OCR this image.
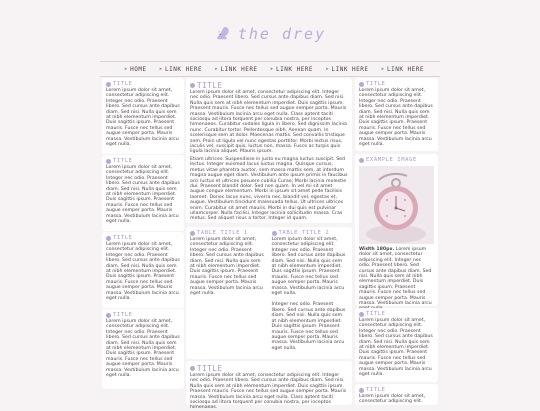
the drey
➤ HOME ➤ LINK HERE ➤ LINK HERE ➤ LINK HERE ➤ LINK HERE ➤ LINK HERE
TITLE
Lorem ipsum dolor sit amet, consectetur adipiscing elit. Integer nec odio. Praesent libero. Sed cursus ante dapibus diam. Sed nisi. Nulla quis sem at nibh elementum imperdiet. Duis sagittis ipsum. Praesent mauris. Fusce nec tellus sed augue semper porta. Mauris massa. Vestibulum lacinia arcu eget nulla.
TITLE
Lorem ipsum dolor sit amet, consectetur adipiscing elit. Integer nec odio. Praesent libero. Sed cursus ante dapibus diam. Sed nisi. Nulla quis sem at nibh elementum imperdiet. Duis sagittis ipsum. Praesent mauris. Fusce nec tellus sed augue semper porta. Mauris massa. Vestibulum lacinia arcu eget nulla.
TITLE
Lorem ipsum dolor sit amet, consectetur adipiscing elit. Integer nec odio. Praesent libero. Sed cursus ante dapibus diam. Sed nisi. Nulla quis sem at nibh elementum imperdiet. Duis sagittis ipsum. Praesent mauris. Fusce nec tellus sed augue semper porta. Mauris massa. Vestibulum lacinia arcu eget nulla.
TITLE
Lorem ipsum dolor sit amet, consectetur adipiscing elit. Integer nec odio. Praesent libero. Sed cursus ante dapibus diam. Sed nisi. Nulla quis sem at nibh elementum imperdiet. Duis sagittis ipsum. Praesent mauris. Fusce nec tellus sed augue semper porta. Mauris massa. Vestibulum lacinia arcu eget nulla.
TITLE
Lorem ipsum dolor sit amet, consectetur adipiscing elit. Integer nec odio. Praesent libero. Sed cursus ante dapibus diam. Sed nisi. Nulla quis sem at nibh elementum imperdiet. Duis sagittis ipsum. Praesent mauris. Fusce nec tellus sed augue semper porta. Mauris massa. Vestibulum lacinia arcu eget nulla. Class aptent taciti sociosqu ad litora torquent per conubia nostra, per inceptos himenaeos. Curabitur sodales ligula in libero. Sed dignissim lacinia nunc. Curabitur tortor. Pellentesque nibh. Aenean quam. In scelerisque sem at dolor. Maecenas mattis. Sed convallis tristique sem. Proin ut ligula vel nunc egestas porttitor. Morbi lectus risus, iaculis vel, suscipit quis, luctus non, massa. Fusce ac turpis quis ligula lacinia aliquet. Mauris ipsum.
Etiam ultrices. Suspendisse in justo eu magna luctus suscipit. Sed lectus. Integer euismod lacus luctus magna. Quisque cursus, metus vitae pharetra auctor, sem massa mattis sem, at interdum magna augue eget diam. Vestibulum ante ipsum primis in faucibus orci luctus et ultrices posuere cubilia Curae; Morbi lacinia molestie dui. Praesent blandit dolor. Sed non quam. In vel mi sit amet augue congue elementum. Morbi in ipsum sit amet pede facilisis laoreet. Donec lacus nunc, viverra nec, blandit vel, egestas et, augue. Vestibulum tincidunt malesuada tellus. Ut ultrices ultrices enim. Curabitur sit amet mauris. Morbi in dui quis est pulvinar ullamcorper. Nulla facilisi. Integer lacinia sollicitudin massa. Cras metus. Sed aliquet risus a tortor. Integer id quam.
TABLE TITLE 1
Lorem ipsum dolor sit amet, consectetur adipiscing elit. Integer nec odio. Praesent libero. Sed cursus ante dapibus diam. Sed nisi. Nulla quis sem at nibh elementum imperdiet. Duis sagittis ipsum. Praesent mauris. Fusce nec tellus sed augue semper porta. Mauris massa. Vestibulum lacinia arcu eget nulla.
TABLE TITLE 2
Lorem ipsum dolor sit amet, consectetur adipiscing elit. Integer nec odio. Praesent libero. Sed cursus ante dapibus diam. Sed nisi. Nulla quis sem at nibh elementum imperdiet. Duis sagittis ipsum. Praesent mauris. Fusce nec tellus sed augue semper porta. Mauris massa. Vestibulum lacinia arcu eget nulla.
Integer nec odio. Praesent libero. Sed cursus ante dapibus diam. Sed nisi. Nulla quis sem at nibh elementum imperdiet. Duis sagittis ipsum. Praesent mauris. Fusce nec tellus sed augue semper porta. Mauris massa. Vestibulum lacinia arcu eget nulla.
TITLE
Lorem ipsum dolor sit amet, consectetur adipiscing elit. Integer nec odio. Praesent libero. Sed cursus ante dapibus diam. Sed nisi. Nulla quis sem at nibh elementum imperdiet. Duis sagittis ipsum. Praesent mauris. Fusce nec tellus sed augue semper porta. Mauris massa. Vestibulum lacinia arcu eget nulla. Class aptent taciti sociosqu ad litora torquent per conubia nostra, per inceptos himenaeos.
TITLE
Lorem ipsum dolor sit amet, consectetur adipiscing elit. Integer nec odio. Praesent libero. Sed cursus ante dapibus diam. Sed nisi. Nulla quis sem at nibh elementum imperdiet. Duis sagittis ipsum. Praesent mauris. Fusce nec tellus sed augue semper porta. Mauris massa. Vestibulum lacinia arcu eget nulla.
EXAMPLE IMAGE
Width 180px. Lorem ipsum dolor sit amet, consectetur adipiscing elit. Integer nec odio. Praesent libero. Sed cursus ante dapibus diam. Sed nisi. Nulla quis sem at nibh elementum imperdiet. Duis sagittis ipsum. Praesent mauris. Fusce nec tellus sed augue semper porta. Mauris massa. Vestibulum lacinia arcu
TITLE
Lorem ipsum dolor sit amet, consectetur adipiscing elit. Integer nec odio. Praesent libero. Sed cursus ante dapibus diam. Sed nisi. Nulla quis sem at nibh elementum imperdiet. Duis sagittis ipsum. Praesent mauris. Fusce nec tellus sed augue semper porta. Mauris massa. Vestibulum lacinia arcu eget nulla.
TITLE
Lorem ipsum dolor sit amet, consectetur adipiscing elit.
